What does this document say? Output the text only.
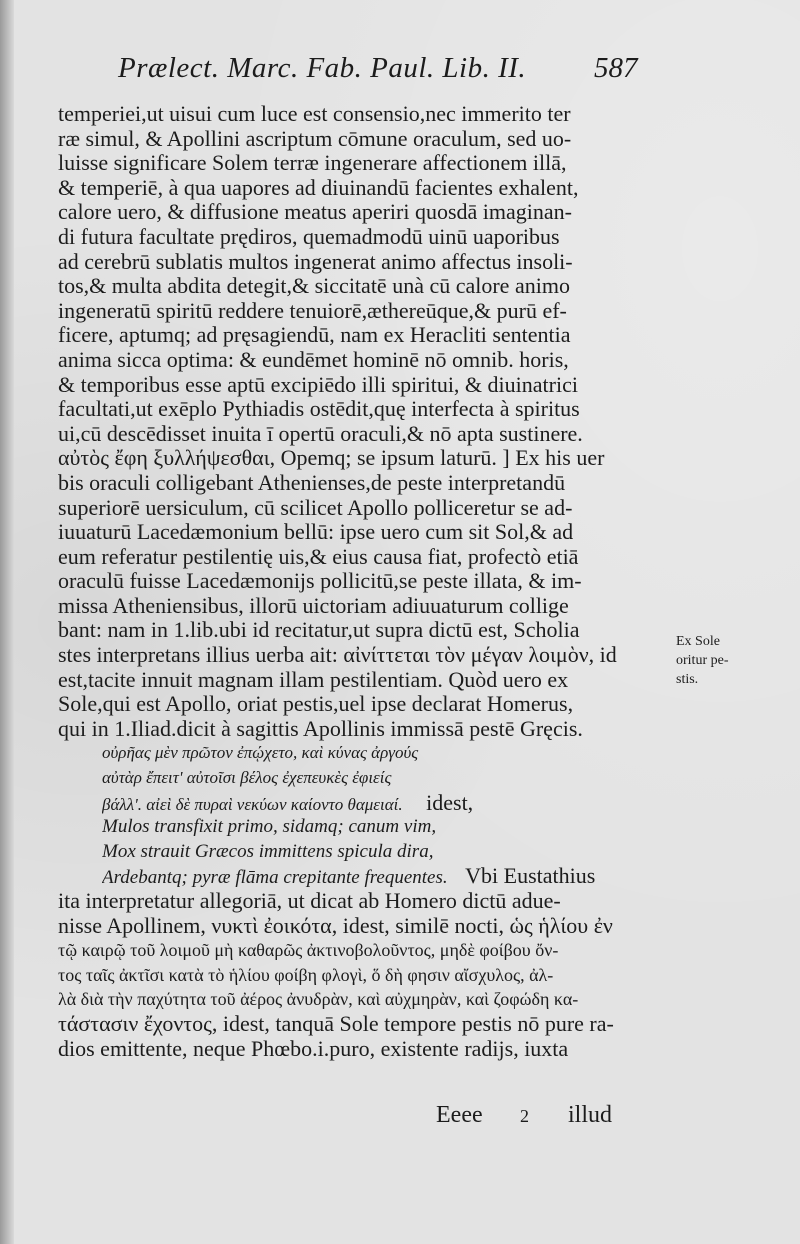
Prælect. Marc. Fab. Paul. Lib. II. 587
temperiei,ut uisui cum luce est consensio,nec immerito ter
ræ simul, & Apollini ascriptum cōmune oraculum, sed uo-
luisse significare Solem terræ ingenerare affectionem illā,
& temperiē, à qua uapores ad diuinandū facientes exhalent,
calore uero, & diffusione meatus aperiri quosdā imaginan-
di futura facultate prędiros, quemadmodū uinū uaporibus
ad cerebrū sublatis multos ingenerat animo affectus insoli-
tos,& multa abdita detegit,& siccitatē unà cū calore animo
ingeneratū spiritū reddere tenuiorē,æthereūque,& purū ef-
ficere, aptumq; ad pręsagiendū, nam ex Heracliti sententia
anima sicca optima: & eundēmet hominē nō omnib. horis,
& temporibus esse aptū excipiēdo illi spiritui, & diuinatrici
facultati,ut exēplo Pythiadis ostēdit,quę interfecta à spiritus
ui,cū descēdisset inuita ī opertū oraculi,& nō apta sustinere.
αὐτὸς ἔφη ξυλλήψεσθαι, Opemq; se ipsum laturū. ] Ex his uer
bis oraculi colligebant Athenienses,de peste interpretandū
superiorē uersiculum, cū scilicet Apollo polliceretur se ad-
iuuaturū Lacedæmonium bellū: ipse uero cum sit Sol,& ad
eum referatur pestilentię uis,& eius causa fiat, profectò etiā
oraculū fuisse Lacedæmonijs pollicitū,se peste illata, & im-
missa Atheniensibus, illorū uictoriam adiuuaturum collige
bant: nam in 1.lib.ubi id recitatur,ut supra dictū est, Scholia
stes interpretans illius uerba ait: αἰνίττεται τὸν μέγαν λοιμὸν, id
est,tacite innuit magnam illam pestilentiam. Quòd uero ex
Sole,qui est Apollo, oriat pestis,uel ipse declarat Homerus,
qui in 1.Iliad.dicit à sagittis Apollinis immissā pestē Gręcis.
οὐρῆας μὲν πρῶτον ἐπῴχετο, καὶ κύνας ἀργούς
αὐτὰρ ἔπειτ' αὐτοῖσι βέλος ἐχεπευκὲς ἐφιείς
βάλλ'. αἰεὶ δὲ πυραὶ νεκύων καίοντο θαμειαί. idest,
Mulos transfixit primo, sidamq; canum vim,
Mox strauit Græcos immittens spicula dira,
Ardebantq; pyræ flāma crepitante frequentes. Vbi Eustathius
ita interpretatur allegoriā, ut dicat ab Homero dictū adue-
nisse Apollinem, νυκτὶ ἐοικότα, idest, similē nocti, ὡς ἡλίου ἐν
τῷ καιρῷ τοῦ λοιμοῦ μὴ καθαρῶς ἀκτινοβολοῦντος, μηδὲ φοίβου ὄν-
τος ταῖς ἀκτῖσι κατὰ τὸ ἡλίου φοίβη φλογὶ, ὅ δὴ φησιν αἴσχυλος, ἀλ-
λὰ διὰ τὴν παχύτητα τοῦ ἀέρος ἀνυδρὰν, καὶ αὐχμηρὰν, καὶ ζοφώδη κα-
τάστασιν ἔχοντος, idest, tanquā Sole tempore pestis nō pure ra-
dios emittente, neque Phœbo.i.puro, existente radijs, iuxta
Ex Sole
oritur pe-
stis.
Eeee 2 illud
